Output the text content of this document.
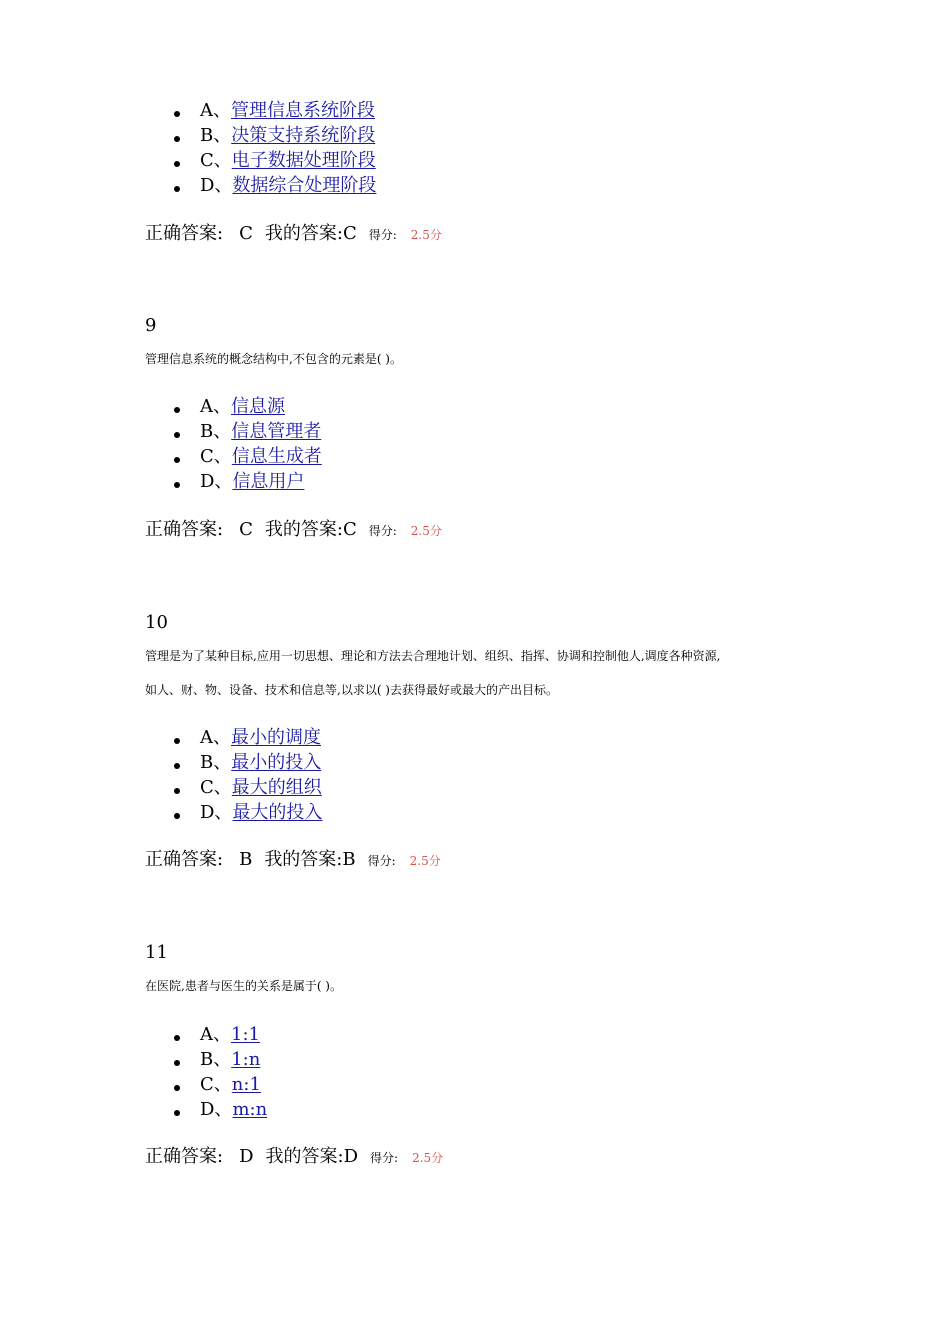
A、管理信息系统阶段
B、决策支持系统阶段
C、电子数据处理阶段
D、数据综合处理阶段
正确答案: C 我的答案:C 得分: 2.5分

9

管理信息系统的概念结构中,不包含的元素是( )。

A、信息源
B、信息管理者
C、信息生成者
D、信息用户
正确答案: C 我的答案:C 得分: 2.5分

10

管理是为了某种目标,应用一切思想、理论和方法去合理地计划、组织、指挥、协调和控制他人,调度各种资源,

如人、财、物、设备、技术和信息等,以求以( )去获得最好或最大的产出目标。

A、最小的调度
B、最小的投入
C、最大的组织
D、最大的投入
正确答案: B 我的答案:B 得分: 2.5分

11

在医院,患者与医生的关系是属于( )。

A、1:1
B、1:n
C、n:1
D、m:n
正确答案: D 我的答案:D 得分: 2.5分
